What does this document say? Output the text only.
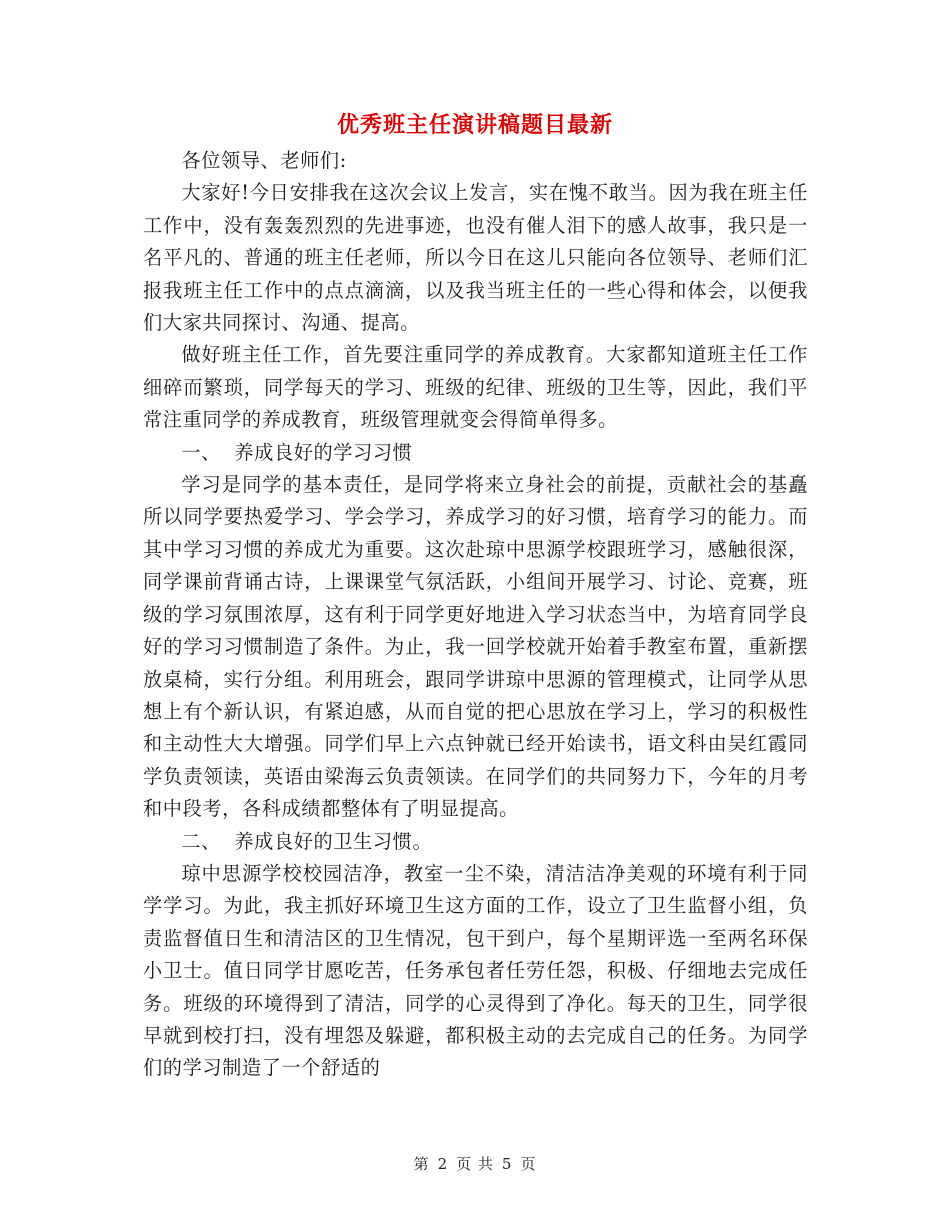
优秀班主任演讲稿题目最新

各位领导、老师们:

大家好!今日安排我在这次会议上发言，实在愧不敢当。因为我在班主任工作中，没有轰轰烈烈的先进事迹，也没有催人泪下的感人故事，我只是一名平凡的、普通的班主任老师，所以今日在这儿只能向各位领导、老师们汇报我班主任工作中的点点滴滴，以及我当班主任的一些心得和体会，以便我们大家共同探讨、沟通、提高。

做好班主任工作，首先要注重同学的养成教育。大家都知道班主任工作细碎而繁琐，同学每天的学习、班级的纪律、班级的卫生等，因此，我们平常注重同学的养成教育，班级管理就变会得简单得多。

一、  养成良好的学习习惯

学习是同学的基本责任，是同学将来立身社会的前提，贡献社会的基矗所以同学要热爱学习、学会学习，养成学习的好习惯，培育学习的能力。而其中学习习惯的养成尤为重要。这次赴琼中思源学校跟班学习，感触很深，同学课前背诵古诗，上课课堂气氛活跃，小组间开展学习、讨论、竞赛，班级的学习氛围浓厚，这有利于同学更好地进入学习状态当中，为培育同学良好的学习习惯制造了条件。为止，我一回学校就开始着手教室布置，重新摆放桌椅，实行分组。利用班会，跟同学讲琼中思源的管理模式，让同学从思想上有个新认识，有紧迫感，从而自觉的把心思放在学习上，学习的积极性和主动性大大增强。同学们早上六点钟就已经开始读书，语文科由吴红霞同学负责领读，英语由梁海云负责领读。在同学们的共同努力下，今年的月考和中段考，各科成绩都整体有了明显提高。

二、  养成良好的卫生习惯。

琼中思源学校校园洁净，教室一尘不染，清洁洁净美观的环境有利于同学学习。为此，我主抓好环境卫生这方面的工作，设立了卫生监督小组，负责监督值日生和清洁区的卫生情况，包干到户，每个星期评选一至两名环保小卫士。值日同学甘愿吃苦，任务承包者任劳任怨，积极、仔细地去完成任务。班级的环境得到了清洁，同学的心灵得到了净化。每天的卫生，同学很早就到校打扫，没有埋怨及躲避，都积极主动的去完成自己的任务。为同学们的学习制造了一个舒适的

第 2 页 共 5 页
